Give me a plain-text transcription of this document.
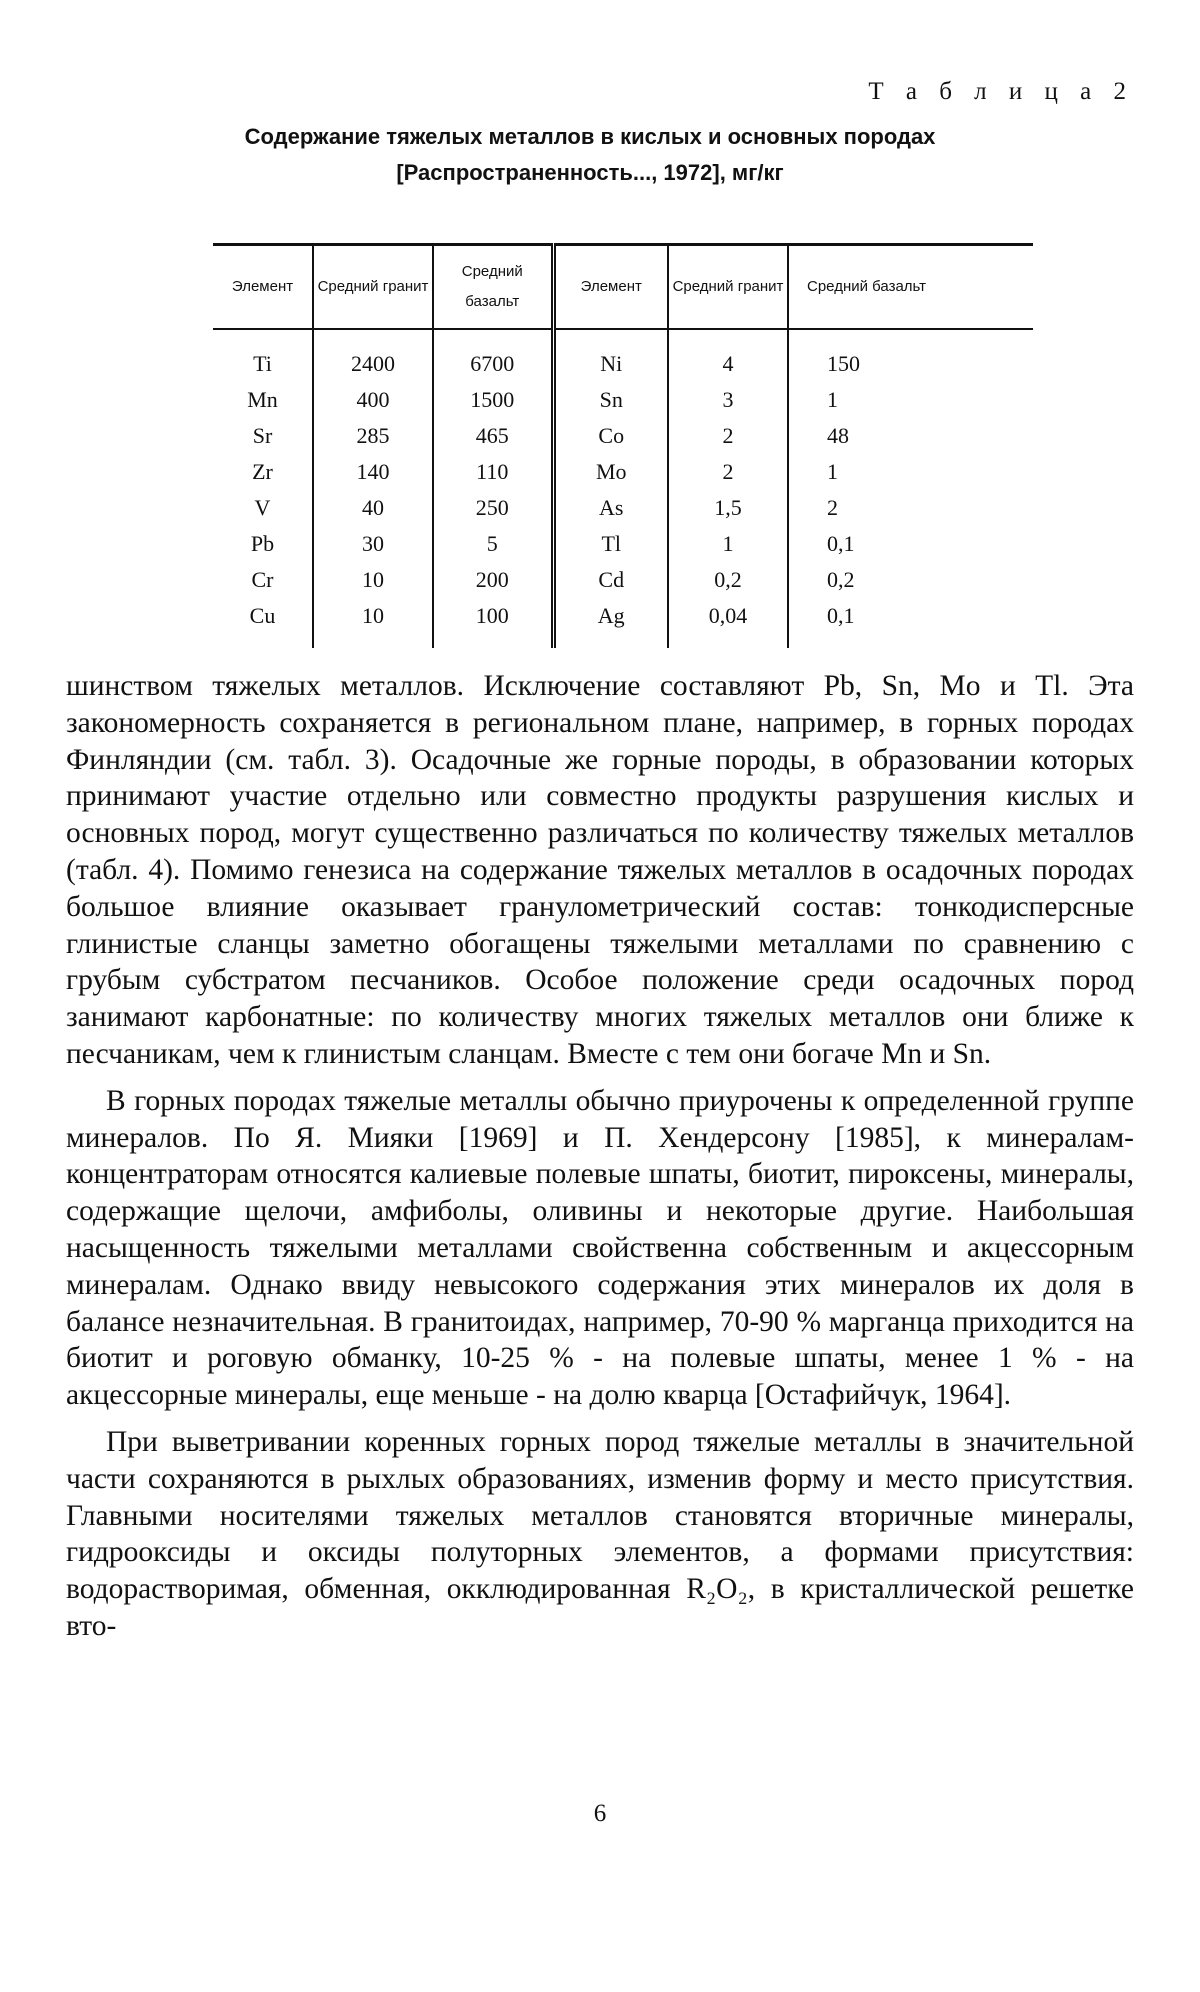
Т а б л и ц а 2
Содержание тяжелых металлов в кислых и основных породах
[Распространенность..., 1972], мг/кг
Элемент	Средний гранит	Средний базальт	Элемент	Средний гранит	Средний базальт
Ti	2400	6700	Ni	4	150
Mn	400	1500	Sn	3	1
Sr	285	465	Co	2	48
Zr	140	110	Mo	2	1
V	40	250	As	1,5	2
Pb	30	5	Tl	1	0,1
Cr	10	200	Cd	0,2	0,2
Cu	10	100	Ag	0,04	0,1

шинством тяжелых металлов. Исключение составляют Pb, Sn, Mo и Tl. Эта закономерность сохраняется в региональном плане, например, в горных породах Финляндии (см. табл. 3). Осадочные же горные породы, в образовании которых принимают участие отдельно или совместно продукты разрушения кислых и основных пород, могут существенно различаться по количеству тяжелых металлов (табл. 4). Помимо генезиса на содержание тяжелых металлов в осадочных породах большое влияние оказывает гранулометрический состав: тонкодисперсные глинистые сланцы заметно обогащены тяжелыми металлами по сравнению с грубым субстратом песчаников. Особое положение среди осадочных пород занимают карбонатные: по количеству многих тяжелых металлов они ближе к песчаникам, чем к глинистым сланцам. Вместе с тем они богаче Mn и Sn.

В горных породах тяжелые металлы обычно приурочены к определенной группе минералов. По Я. Мияки [1969] и П. Хендерсону [1985], к минералам-концентраторам относятся калиевые полевые шпаты, биотит, пироксены, минералы, содержащие щелочи, амфиболы, оливины и некоторые другие. Наибольшая насыщенность тяжелыми металлами свойственна собственным и акцессорным минералам. Однако ввиду невысокого содержания этих минералов их доля в балансе незначительная. В гранитоидах, например, 70-90 % марганца приходится на биотит и роговую обманку, 10-25 % - на полевые шпаты, менее 1 % - на акцессорные минералы, еще меньше - на долю кварца [Остафийчук, 1964].

При выветривании коренных горных пород тяжелые металлы в значительной части сохраняются в рыхлых образованиях, изменив форму и место присутствия. Главными носителями тяжелых металлов становятся вторичные минералы, гидрооксиды и оксиды полуторных элементов, а формами присутствия: водорастворимая, обменная, окклюдированная R₂O₂, в кристаллической решетке вто-

6
